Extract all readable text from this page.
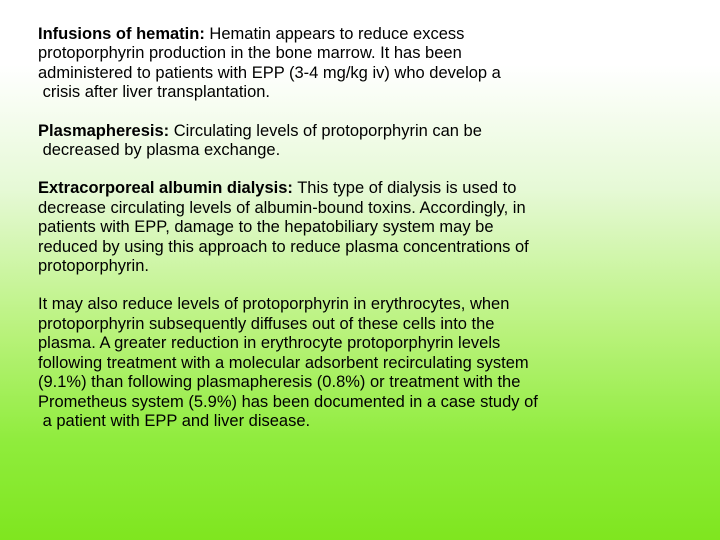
Infusions of hematin: Hematin appears to reduce excess
protoporphyrin production in the bone marrow. It has been
administered to patients with EPP (3-4 mg/kg iv) who develop a
crisis after liver transplantation.

Plasmapheresis: Circulating levels of protoporphyrin can be
decreased by plasma exchange.

Extracorporeal albumin dialysis: This type of dialysis is used to
decrease circulating levels of albumin-bound toxins. Accordingly, in
patients with EPP, damage to the hepatobiliary system may be
reduced by using this approach to reduce plasma concentrations of
protoporphyrin.

It may also reduce levels of protoporphyrin in erythrocytes, when
protoporphyrin subsequently diffuses out of these cells into the
plasma. A greater reduction in erythrocyte protoporphyrin levels
following treatment with a molecular adsorbent recirculating system
(9.1%) than following plasmapheresis (0.8%) or treatment with the
Prometheus system (5.9%) has been documented in a case study of
a patient with EPP and liver disease.
